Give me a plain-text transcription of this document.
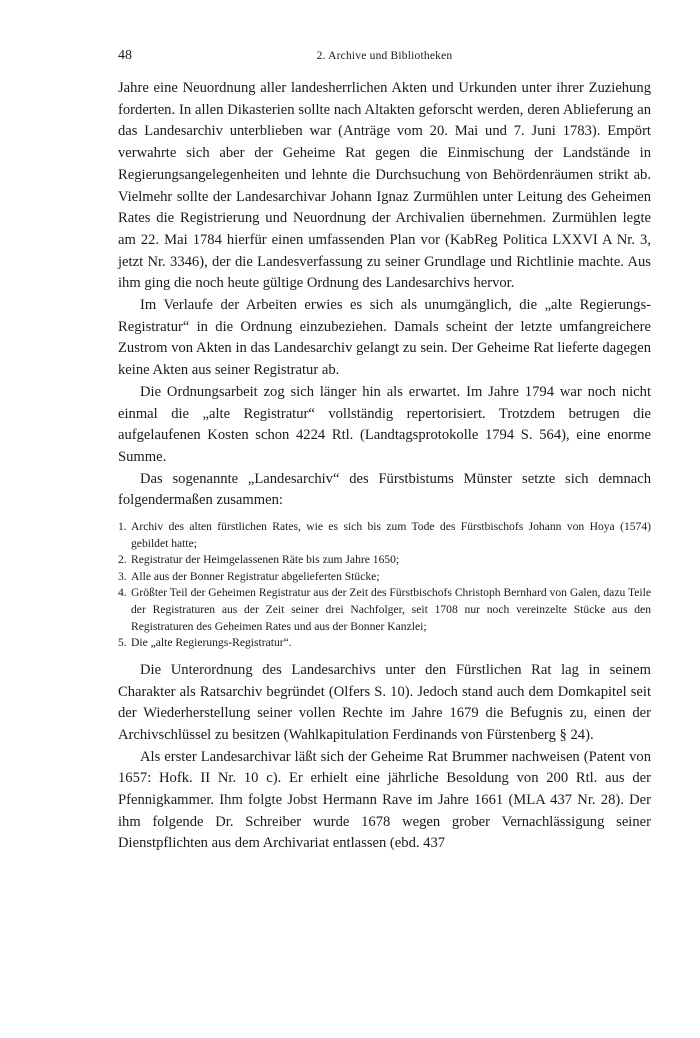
48	2. Archive und Bibliotheken

Jahre eine Neuordnung aller landesherrlichen Akten und Urkunden unter ihrer Zuziehung forderten. In allen Dikasterien sollte nach Altakten geforscht werden, deren Ablieferung an das Landesarchiv unterblieben war (Anträge vom 20. Mai und 7. Juni 1783). Empört verwahrte sich aber der Geheime Rat gegen die Einmischung der Landstände in Regierungsangelegenheiten und lehnte die Durchsuchung von Behördenräumen strikt ab. Vielmehr sollte der Landesarchivar Johann Ignaz Zurmühlen unter Leitung des Geheimen Rates die Registrierung und Neuordnung der Archivalien übernehmen. Zurmühlen legte am 22. Mai 1784 hierfür einen umfassenden Plan vor (KabReg Politica LXXVI A Nr. 3, jetzt Nr. 3346), der die Landesverfassung zu seiner Grundlage und Richtlinie machte. Aus ihm ging die noch heute gültige Ordnung des Landesarchivs hervor.

Im Verlaufe der Arbeiten erwies es sich als unumgänglich, die „alte Regierungs-Registratur“ in die Ordnung einzubeziehen. Damals scheint der letzte umfangreichere Zustrom von Akten in das Landesarchiv gelangt zu sein. Der Geheime Rat lieferte dagegen keine Akten aus seiner Registratur ab.

Die Ordnungsarbeit zog sich länger hin als erwartet. Im Jahre 1794 war noch nicht einmal die „alte Registratur“ vollständig repertorisiert. Trotzdem betrugen die aufgelaufenen Kosten schon 4224 Rtl. (Landtagsprotokolle 1794 S. 564), eine enorme Summe.

Das sogenannte „Landesarchiv“ des Fürstbistums Münster setzte sich demnach folgendermaßen zusammen:

1. Archiv des alten fürstlichen Rates, wie es sich bis zum Tode des Fürstbischofs Johann von Hoya (1574) gebildet hatte;
2. Registratur der Heimgelassenen Räte bis zum Jahre 1650;
3. Alle aus der Bonner Registratur abgelieferten Stücke;
4. Größter Teil der Geheimen Registratur aus der Zeit des Fürstbischofs Christoph Bernhard von Galen, dazu Teile der Registraturen aus der Zeit seiner drei Nachfolger, seit 1708 nur noch vereinzelte Stücke aus den Registraturen des Geheimen Rates und aus der Bonner Kanzlei;
5. Die „alte Regierungs-Registratur“.

Die Unterordnung des Landesarchivs unter den Fürstlichen Rat lag in seinem Charakter als Ratsarchiv begründet (Olfers S. 10). Jedoch stand auch dem Domkapitel seit der Wiederherstellung seiner vollen Rechte im Jahre 1679 die Befugnis zu, einen der Archivschlüssel zu besitzen (Wahlkapitulation Ferdinands von Fürstenberg § 24).

Als erster Landesarchivar läßt sich der Geheime Rat Brummer nachweisen (Patent von 1657: Hofk. II Nr. 10 c). Er erhielt eine jährliche Besoldung von 200 Rtl. aus der Pfennigkammer. Ihm folgte Jobst Hermann Rave im Jahre 1661 (MLA 437 Nr. 28). Der ihm folgende Dr. Schreiber wurde 1678 wegen grober Vernachlässigung seiner Dienstpflichten aus dem Archivariat entlassen (ebd. 437
